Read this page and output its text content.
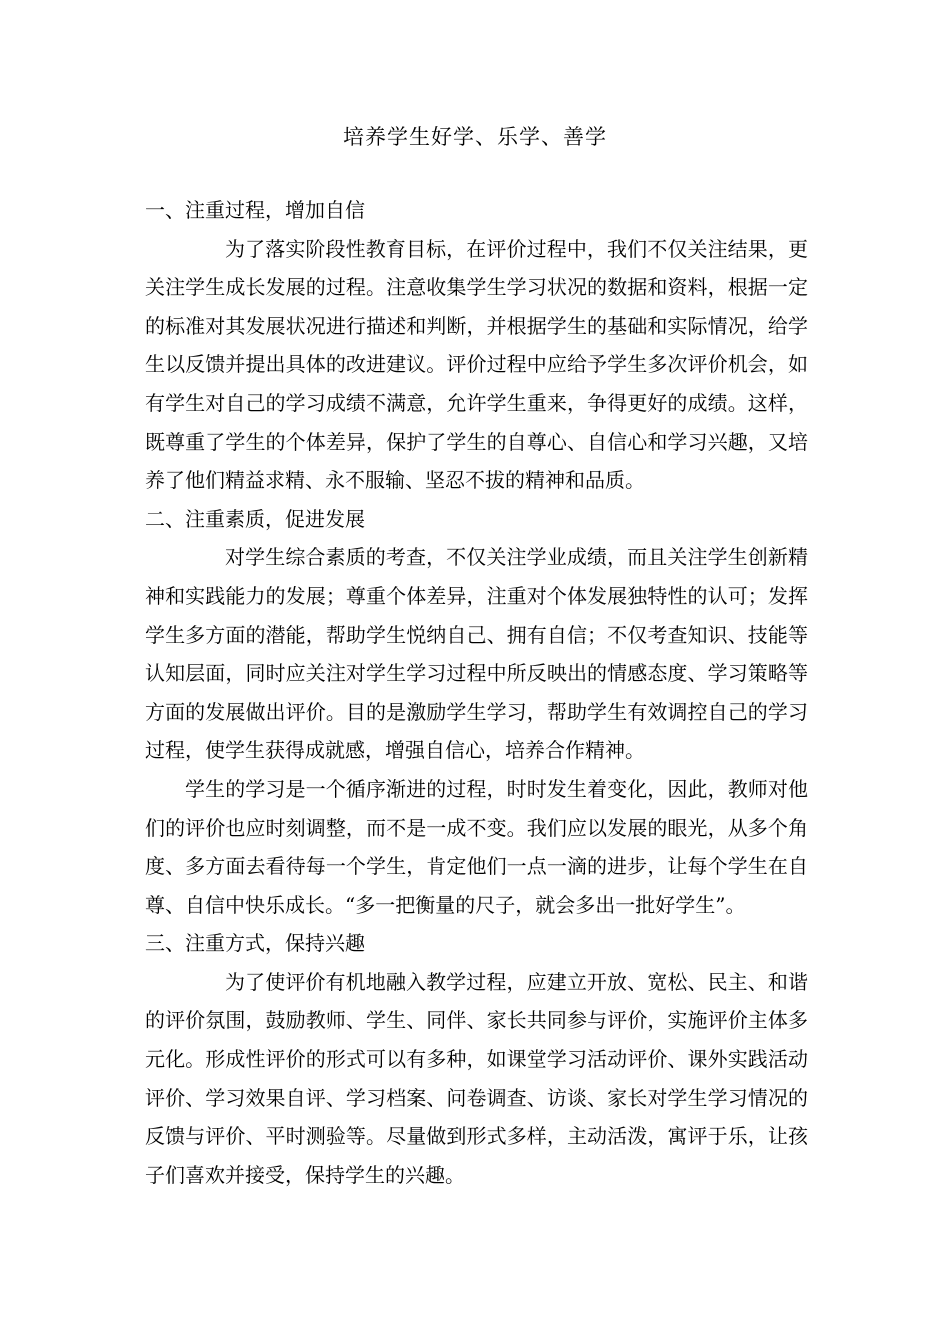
培养学生好学、乐学、善学
一、注重过程，增加自信

为了落实阶段性教育目标，在评价过程中，我们不仅关注结果，更关注学生成长发展的过程。注意收集学生学习状况的数据和资料，根据一定的标准对其发展状况进行描述和判断，并根据学生的基础和实际情况，给学生以反馈并提出具体的改进建议。评价过程中应给予学生多次评价机会，如有学生对自己的学习成绩不满意，允许学生重来，争得更好的成绩。这样，既尊重了学生的个体差异，保护了学生的自尊心、自信心和学习兴趣，又培养了他们精益求精、永不服输、坚忍不拔的精神和品质。

二、注重素质，促进发展

对学生综合素质的考查，不仅关注学业成绩，而且关注学生创新精神和实践能力的发展；尊重个体差异，注重对个体发展独特性的认可；发挥学生多方面的潜能，帮助学生悦纳自己、拥有自信；不仅考查知识、技能等认知层面，同时应关注对学生学习过程中所反映出的情感态度、学习策略等方面的发展做出评价。目的是激励学生学习，帮助学生有效调控自己的学习过程，使学生获得成就感，增强自信心，培养合作精神。

学生的学习是一个循序渐进的过程，时时发生着变化，因此，教师对他们的评价也应时刻调整，而不是一成不变。我们应以发展的眼光，从多个角度、多方面去看待每一个学生，肯定他们一点一滴的进步，让每个学生在自尊、自信中快乐成长。“多一把衡量的尺子，就会多出一批好学生”。

三、注重方式，保持兴趣

为了使评价有机地融入教学过程，应建立开放、宽松、民主、和谐的评价氛围，鼓励教师、学生、同伴、家长共同参与评价，实施评价主体多元化。形成性评价的形式可以有多种，如课堂学习活动评价、课外实践活动评价、学习效果自评、学习档案、问卷调查、访谈、家长对学生学习情况的反馈与评价、平时测验等。尽量做到形式多样，主动活泼，寓评于乐，让孩子们喜欢并接受，保持学生的兴趣。
